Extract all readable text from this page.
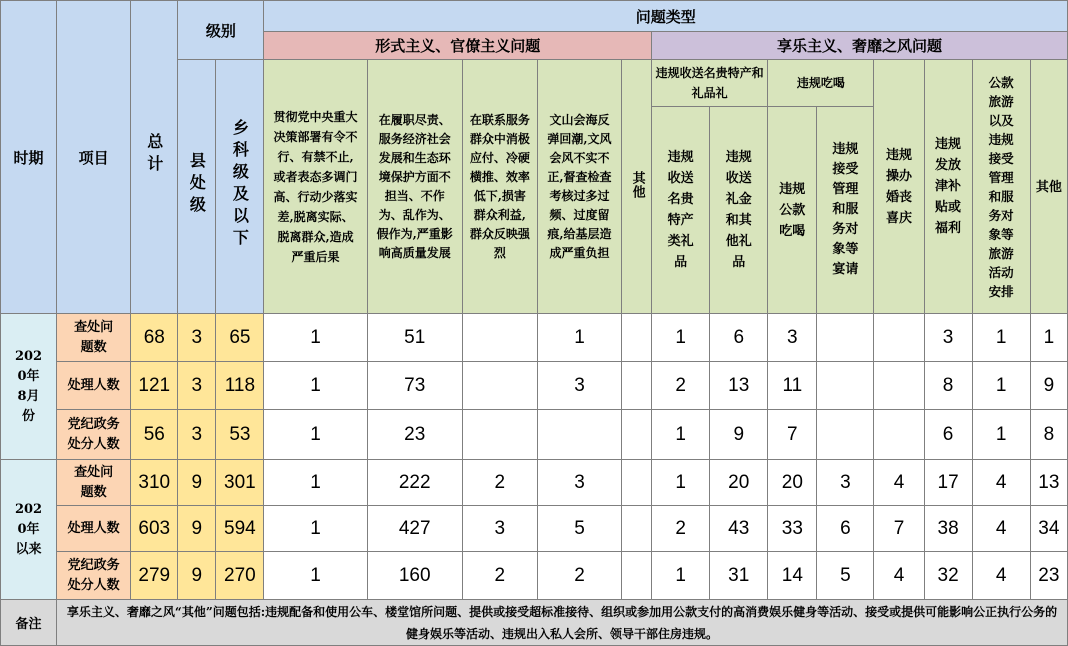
时期	项目	总计	级别		问题类型												
					形式主义、官僚主义问题					享乐主义、奢靡之风问题							
			县处级	乡科级及以下	贯彻党中央重大决策部署有令不行、有禁不止,或者表态多调门高、行动少落实差,脱离实际、脱离群众,造成严重后果	在履职尽责、服务经济社会发展和生态环境保护方面不担当、不作为、乱作为、假作为,严重影响高质量发展	在联系服务群众中消极应付、冷硬横推、效率低下,损害群众利益,群众反映强烈	文山会海反弹回潮,文风会风不实不正,督查检查考核过多过频、过度留痕,给基层造成严重负担	其他	违规收送名贵特产和礼品礼		违规吃喝		违规操办婚丧喜庆	违规发放津补贴或福利	公款旅游以及违规接受管理和服务对象等旅游活动安排	其他
										违规收送名贵特产类礼品	违规收送礼金和其他礼品	违规公款吃喝	违规接受管理和服务对象等宴请				

2020年8月份	查处问题数	68	3	65	1	51		1		1	6	3			3	1	1

	处理人数	121	3	118	1	73		3		2	13	11			8	1	9

	党纪政务处分人数	56	3	53	1	23				1	9	7			6	1	8

2020年以来	查处问题数	310	9	301	1	222	2	3		1	20	20	3	4	17	4	13

	处理人数	603	9	594	1	427	3	5		2	43	33	6	7	38	4	34

	党纪政务处分人数	279	9	270	1	160	2	2		1	31	14	5	4	32	4	23
备注	享乐主义、奢靡之风“其他”问题包括:违规配备和使用公车、楼堂馆所问题、提供或接受超标准接待、组织或参加用公款支付的高消费娱乐健身等活动、接受或提供可能影响公正执行公务的健身娱乐等活动、违规出入私人会所、领导干部住房违规。																
